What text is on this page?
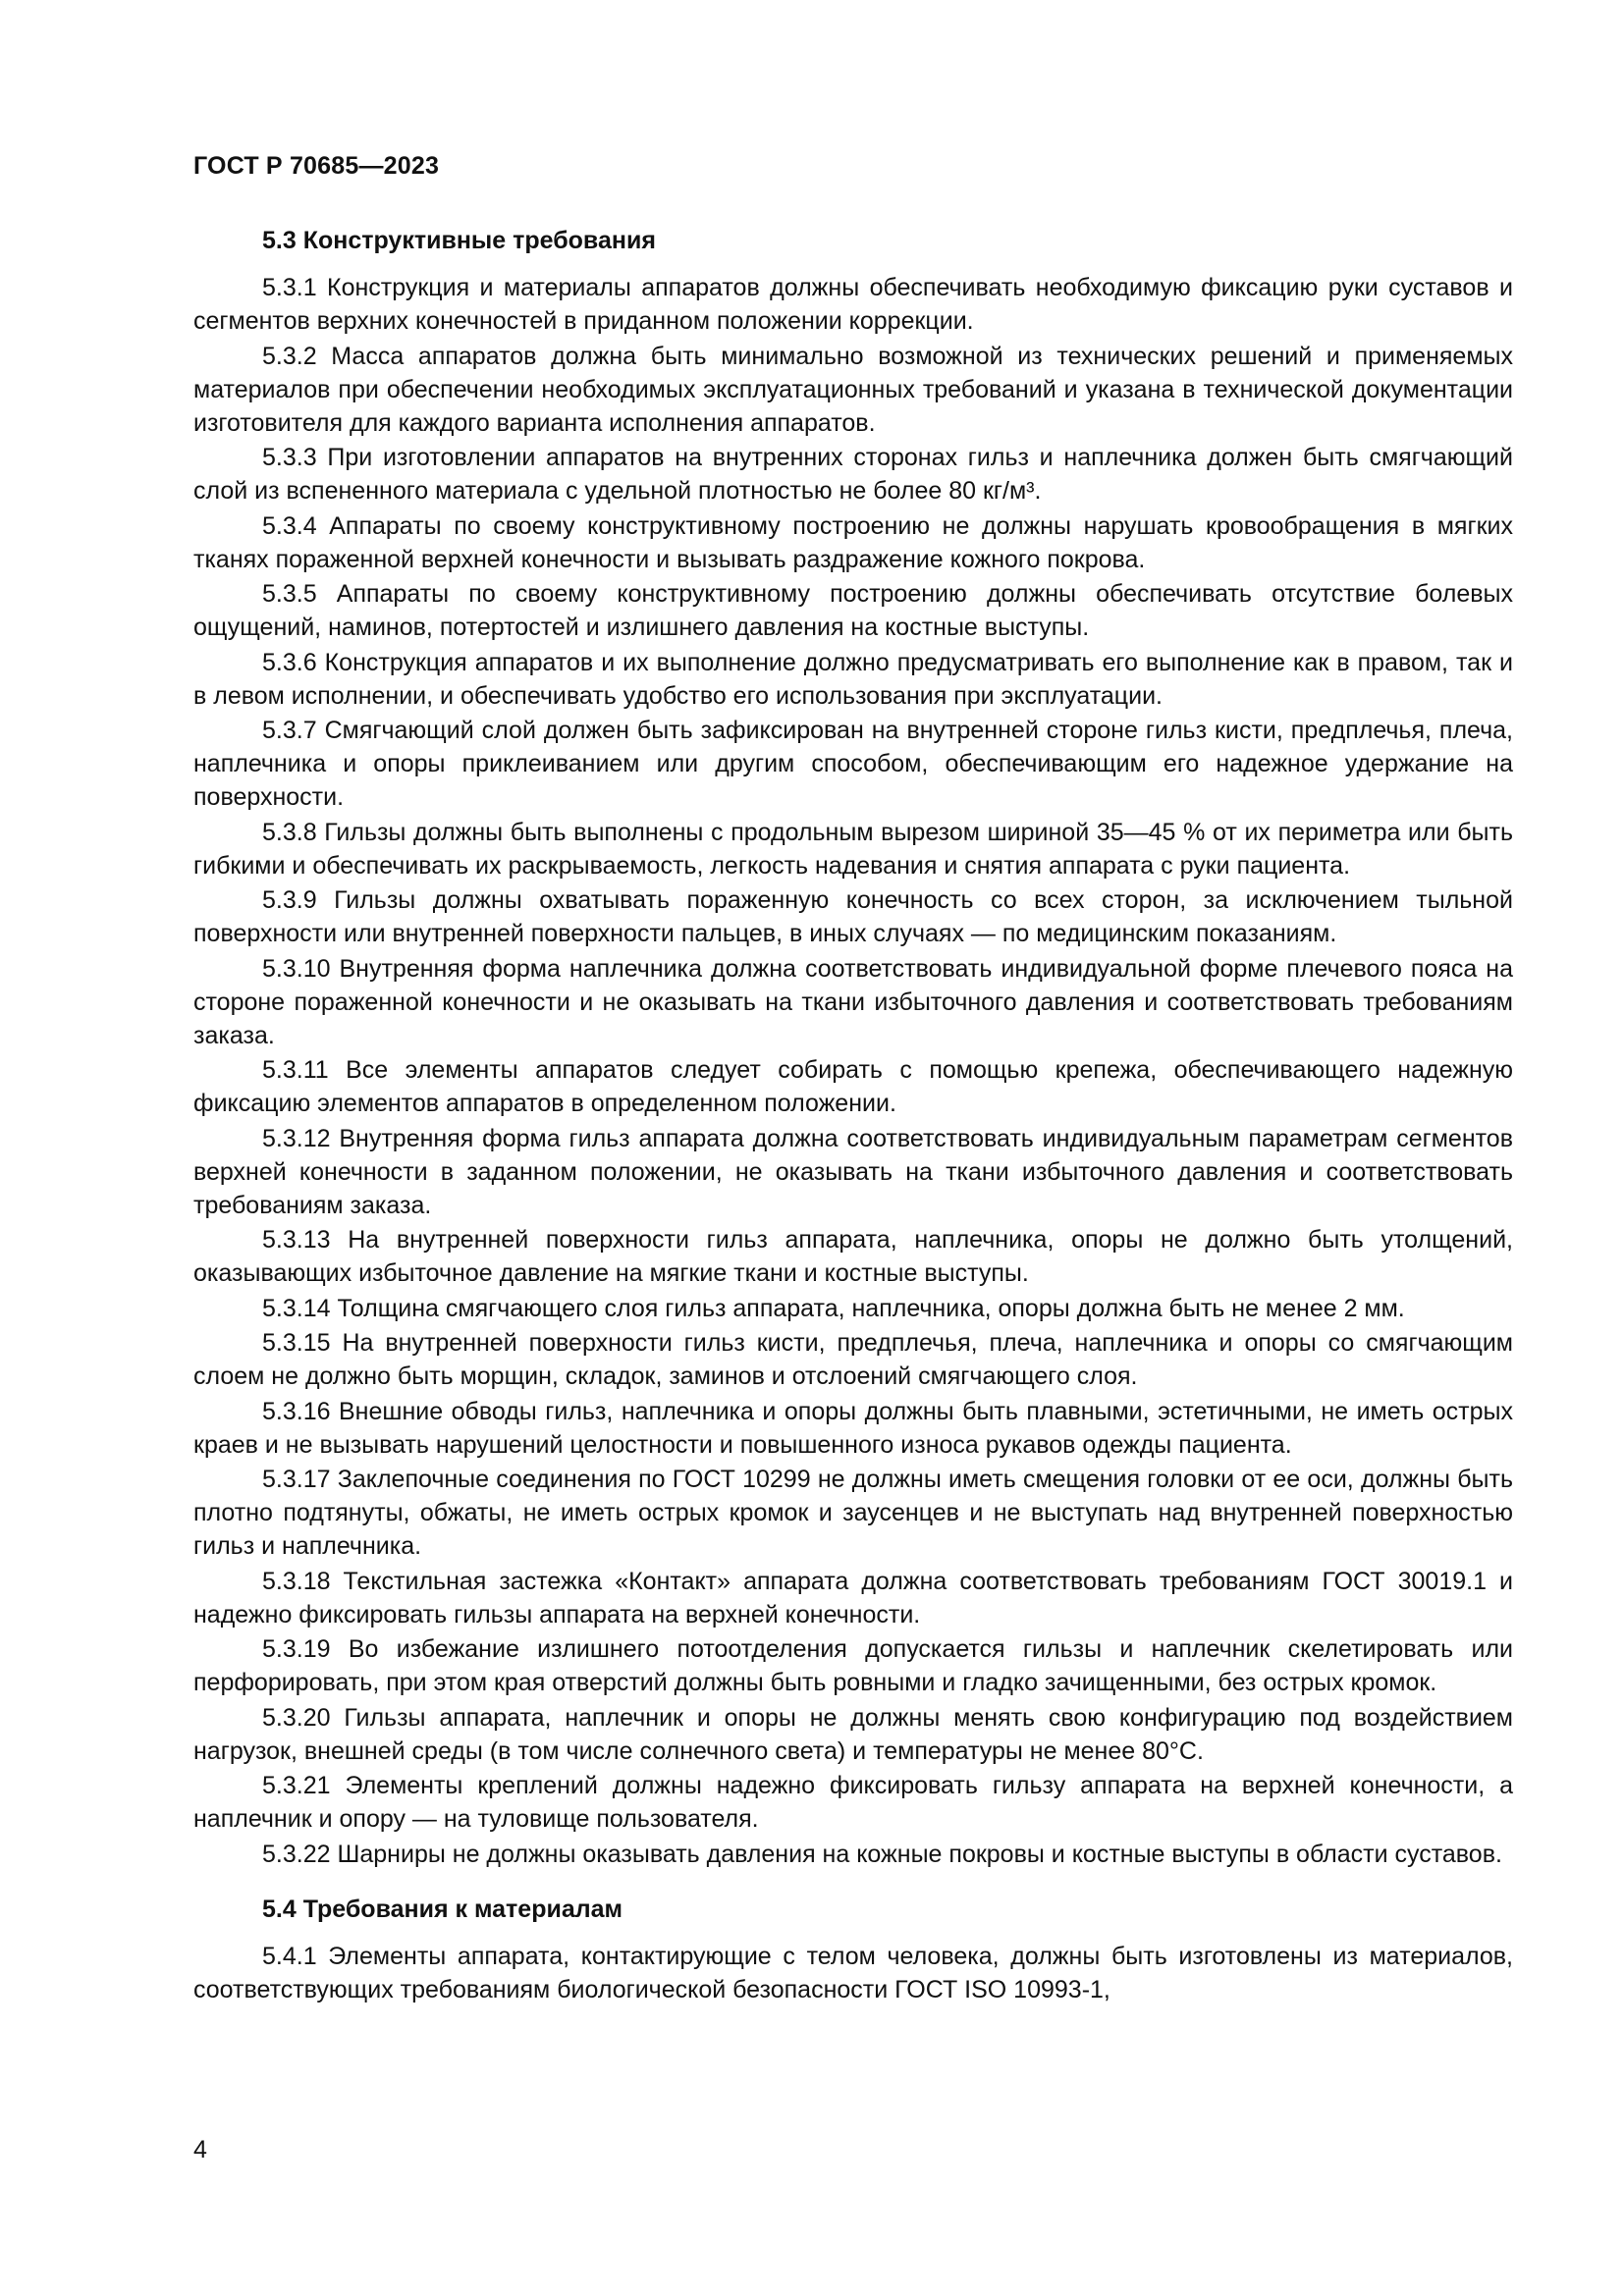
ГОСТ Р 70685—2023
5.3 Конструктивные требования

5.3.1 Конструкция и материалы аппаратов должны обеспечивать необходимую фиксацию руки суставов и сегментов верхних конечностей в приданном положении коррекции.

5.3.2 Масса аппаратов должна быть минимально возможной из технических решений и применяемых материалов при обеспечении необходимых эксплуатационных требований и указана в технической документации изготовителя для каждого варианта исполнения аппаратов.

5.3.3 При изготовлении аппаратов на внутренних сторонах гильз и наплечника должен быть смягчающий слой из вспененного материала с удельной плотностью не более 80 кг/м³.

5.3.4 Аппараты по своему конструктивному построению не должны нарушать кровообращения в мягких тканях пораженной верхней конечности и вызывать раздражение кожного покрова.

5.3.5 Аппараты по своему конструктивному построению должны обеспечивать отсутствие болевых ощущений, наминов, потертостей и излишнего давления на костные выступы.

5.3.6 Конструкция аппаратов и их выполнение должно предусматривать его выполнение как в правом, так и в левом исполнении, и обеспечивать удобство его использования при эксплуатации.

5.3.7 Смягчающий слой должен быть зафиксирован на внутренней стороне гильз кисти, предплечья, плеча, наплечника и опоры приклеиванием или другим способом, обеспечивающим его надежное удержание на поверхности.

5.3.8 Гильзы должны быть выполнены с продольным вырезом шириной 35—45 % от их периметра или быть гибкими и обеспечивать их раскрываемость, легкость надевания и снятия аппарата с руки пациента.

5.3.9 Гильзы должны охватывать пораженную конечность со всех сторон, за исключением тыльной поверхности или внутренней поверхности пальцев, в иных случаях — по медицинским показаниям.

5.3.10 Внутренняя форма наплечника должна соответствовать индивидуальной форме плечевого пояса на стороне пораженной конечности и не оказывать на ткани избыточного давления и соответствовать требованиям заказа.

5.3.11 Все элементы аппаратов следует собирать с помощью крепежа, обеспечивающего надежную фиксацию элементов аппаратов в определенном положении.

5.3.12 Внутренняя форма гильз аппарата должна соответствовать индивидуальным параметрам сегментов верхней конечности в заданном положении, не оказывать на ткани избыточного давления и соответствовать требованиям заказа.

5.3.13 На внутренней поверхности гильз аппарата, наплечника, опоры не должно быть утолщений, оказывающих избыточное давление на мягкие ткани и костные выступы.

5.3.14 Толщина смягчающего слоя гильз аппарата, наплечника, опоры должна быть не менее 2 мм.

5.3.15 На внутренней поверхности гильз кисти, предплечья, плеча, наплечника и опоры со смягчающим слоем не должно быть морщин, складок, заминов и отслоений смягчающего слоя.

5.3.16 Внешние обводы гильз, наплечника и опоры должны быть плавными, эстетичными, не иметь острых краев и не вызывать нарушений целостности и повышенного износа рукавов одежды пациента.

5.3.17 Заклепочные соединения по ГОСТ 10299 не должны иметь смещения головки от ее оси, должны быть плотно подтянуты, обжаты, не иметь острых кромок и заусенцев и не выступать над внутренней поверхностью гильз и наплечника.

5.3.18 Текстильная застежка «Контакт» аппарата должна соответствовать требованиям ГОСТ 30019.1 и надежно фиксировать гильзы аппарата на верхней конечности.

5.3.19 Во избежание излишнего потоотделения допускается гильзы и наплечник скелетировать или перфорировать, при этом края отверстий должны быть ровными и гладко зачищенными, без острых кромок.

5.3.20 Гильзы аппарата, наплечник и опоры не должны менять свою конфигурацию под воздействием нагрузок, внешней среды (в том числе солнечного света) и температуры не менее 80°С.

5.3.21 Элементы креплений должны надежно фиксировать гильзу аппарата на верхней конечности, а наплечник и опору — на туловище пользователя.

5.3.22 Шарниры не должны оказывать давления на кожные покровы и костные выступы в области суставов.

5.4 Требования к материалам

5.4.1 Элементы аппарата, контактирующие с телом человека, должны быть изготовлены из материалов, соответствующих требованиям биологической безопасности ГОСТ ISO 10993-1,

4
